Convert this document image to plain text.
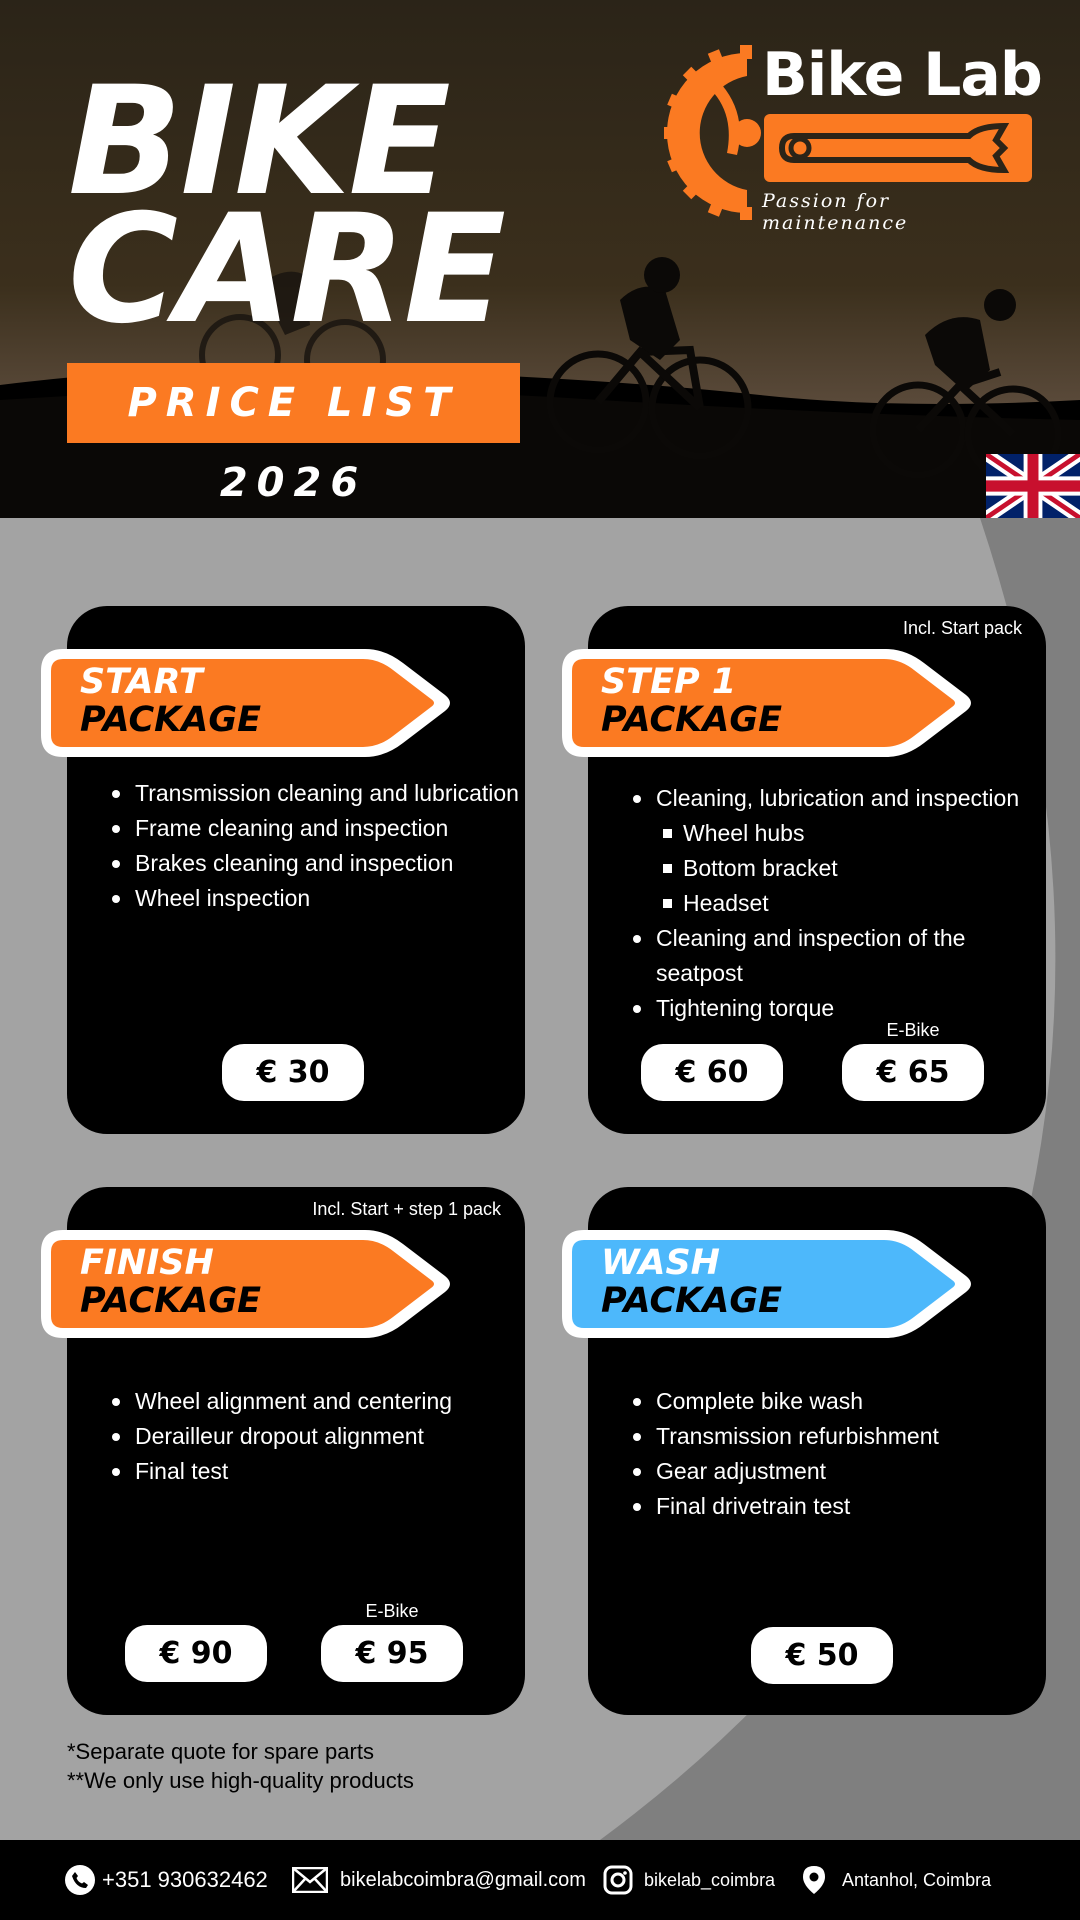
BIKE
CARE
PRICE LIST 2026
Bike Lab
Passion for maintenance
START
PACKAGE
Transmission cleaning and lubrication
Frame cleaning and inspection
Brakes cleaning and inspection
Wheel inspection
€ 30
Incl. Start pack
STEP 1
PACKAGE
Cleaning, lubrication and inspection
Wheel hubs
Bottom bracket
Headset
Cleaning and inspection of the seatpost
Tightening torque
€ 60
E-Bike
€ 65
Incl. Start + step 1 pack
FINISH
PACKAGE
Wheel alignment and centering
Derailleur dropout alignment
Final test
€ 90
E-Bike
€ 95
WASH
PACKAGE
Complete bike wash
Transmission refurbishment
Gear adjustment
Final drivetrain test
€ 50
*Separate quote for spare parts
**We only use high-quality products
+351 930632462	bikelabcoimbra@gmail.com	bikelab_coimbra	Antanhol, Coimbra
